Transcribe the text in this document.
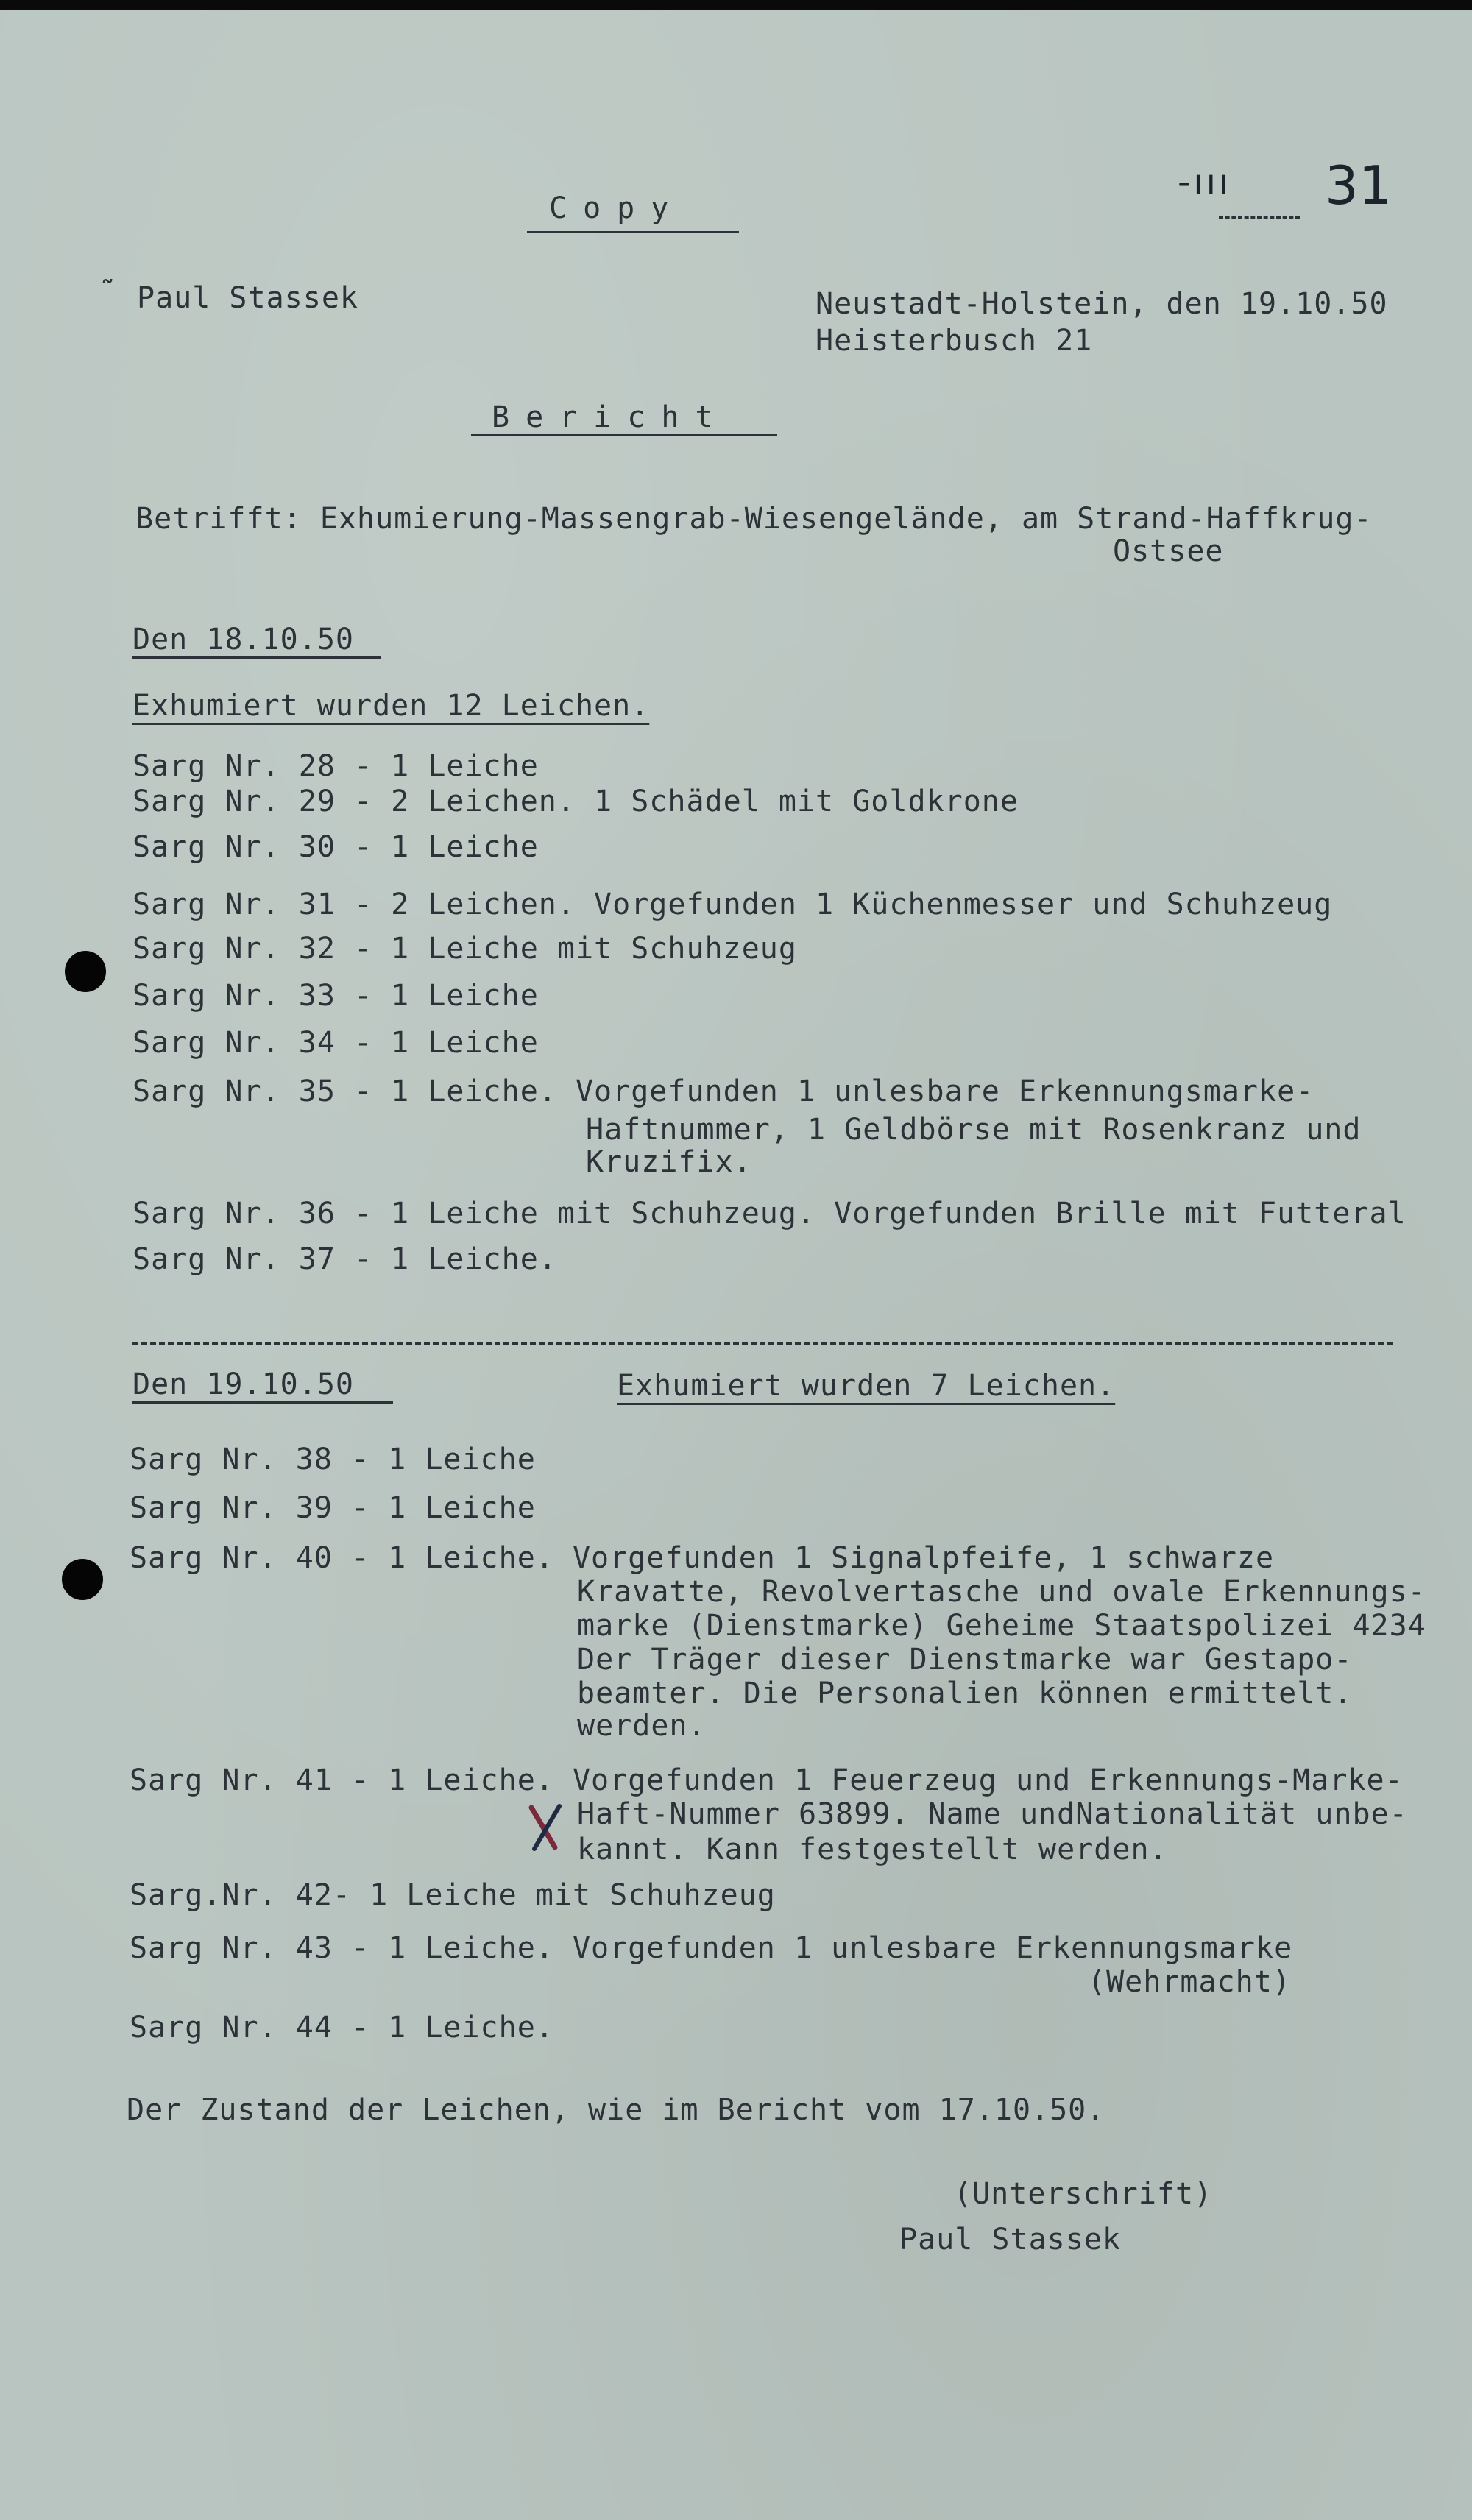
Copy
-ııı 31
˜ Paul Stassek	Neustadt-Holstein, den 19.10.50
Heisterbusch 21
Bericht
Betrifft: Exhumierung-Massengrab-Wiesengelände, am Strand-Haffkrug-
Ostsee
Den 18.10.50
Exhumiert wurden 12 Leichen.
Sarg Nr. 28 - 1 Leiche
Sarg Nr. 29 - 2 Leichen. 1 Schädel mit Goldkrone
Sarg Nr. 30 - 1 Leiche
Sarg Nr. 31 - 2 Leichen. Vorgefunden 1 Küchenmesser und Schuhzeug
Sarg Nr. 32 - 1 Leiche mit Schuhzeug
Sarg Nr. 33 - 1 Leiche
Sarg Nr. 34 - 1 Leiche
Sarg Nr. 35 - 1 Leiche. Vorgefunden 1 unlesbare Erkennungsmarke-
Haftnummer, 1 Geldbörse mit Rosenkranz und
Kruzifix.
Sarg Nr. 36 - 1 Leiche mit Schuhzeug. Vorgefunden Brille mit Futteral
Sarg Nr. 37 - 1 Leiche.
Den 19.10.50	Exhumiert wurden 7 Leichen.
Sarg Nr. 38 - 1 Leiche
Sarg Nr. 39 - 1 Leiche
Sarg Nr. 40 - 1 Leiche. Vorgefunden 1 Signalpfeife, 1 schwarze
Kravatte, Revolvertasche und ovale Erkennungs-
marke (Dienstmarke) Geheime Staatspolizei 4234
Der Träger dieser Dienstmarke war Gestapo-
beamter. Die Personalien können ermittelt.
werden.
Sarg Nr. 41 - 1 Leiche. Vorgefunden 1 Feuerzeug und Erkennungs-Marke-
Haft-Nummer 63899. Name undNationalität unbe-
kannt. Kann festgestellt werden.
Sarg.Nr. 42- 1 Leiche mit Schuhzeug
Sarg Nr. 43 - 1 Leiche. Vorgefunden 1 unlesbare Erkennungsmarke
(Wehrmacht)
Sarg Nr. 44 - 1 Leiche.
Der Zustand der Leichen, wie im Bericht vom 17.10.50.
(Unterschrift)
Paul Stassek
